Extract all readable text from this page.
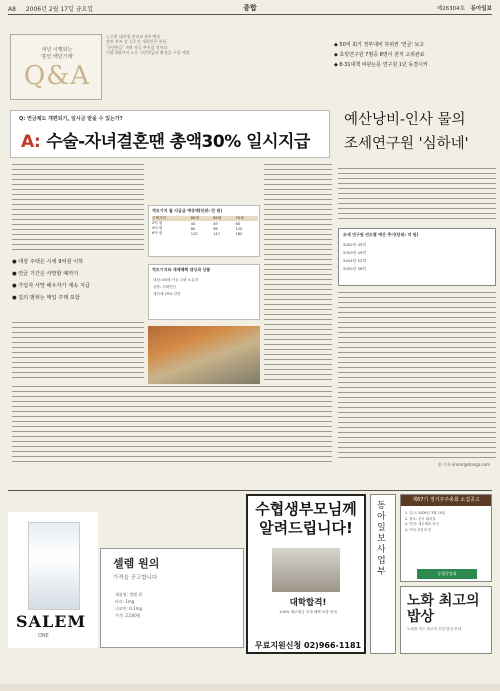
A8 2006년 2월 17일 금요일	종합	제26304호 동아일보
내년 시행되는
'혼인 백년가계'
Q&A
노무현 대통령 총리보 4세 예정
관련 부처 장 실무진 개편안은 관통
'국민연금' 개혁 적극 추진할 것이다
이행 3월까지 노동 국민연금의 확정을 구할 예정
◆ 50억 회기 정부대비 하위권 '연금' 보고
◆ 초빙연구원 7명중 8명이 전직 고위관료
◆ 8·31대책 비판논문 연구원 1년 동결시켜
Q: 연금제도 개편되기, 일시금 받을 수 있는가?
A: 수술-자녀결혼땐 총액30% 일시지급
예산낭비-인사 물의
조세연구원 '심하네'
역모기지 월 지급금 예상액(단위: 만 원)
주택가격	60세	65세	70세
2억 원	40	49	60
4억 원	80	98	120
6억 원	120	147	180
역모기지와 세제혜택 대상과 상품
대상: 65세 이상 주택 소유자
상품: 주택연금
재산세 25% 감면
● 대상 주택은 시세 9억원 이하
● 연금 기간은 사망할 때까지
● 가입자 사망 배우자가 계속 지급
● 집의 범위는 매입 주택 포함
조세 연구원 연도별 예산 추이(단위: 억 원)
2002년 45억
2003년 49억
2004년 52억
2005년 58억
홍 기자 kmmr@donga.com
SALEM
ONE
셀렘 원의
가격을 공고합니다
제품명: 셀렘 원
타르: 1mg
니코틴: 0.1mg
가격: 2,500원
수협생부모님께 알려드립니다!
대학합격!
100% 제로예금 우대 혜택 보장 안내
무료지원신청 02)966-1181
동아일보사업부
제67기 정기주주총회 소집공고
1. 일시: 2006년 3월 10일
2. 장소: 본사 회의실
3. 안건: 재무제표 승인
4. 이사 선임의 건
농협중앙회
노화 최고의 밥상
노화를 막는 최고의 건강 밥상 안내
